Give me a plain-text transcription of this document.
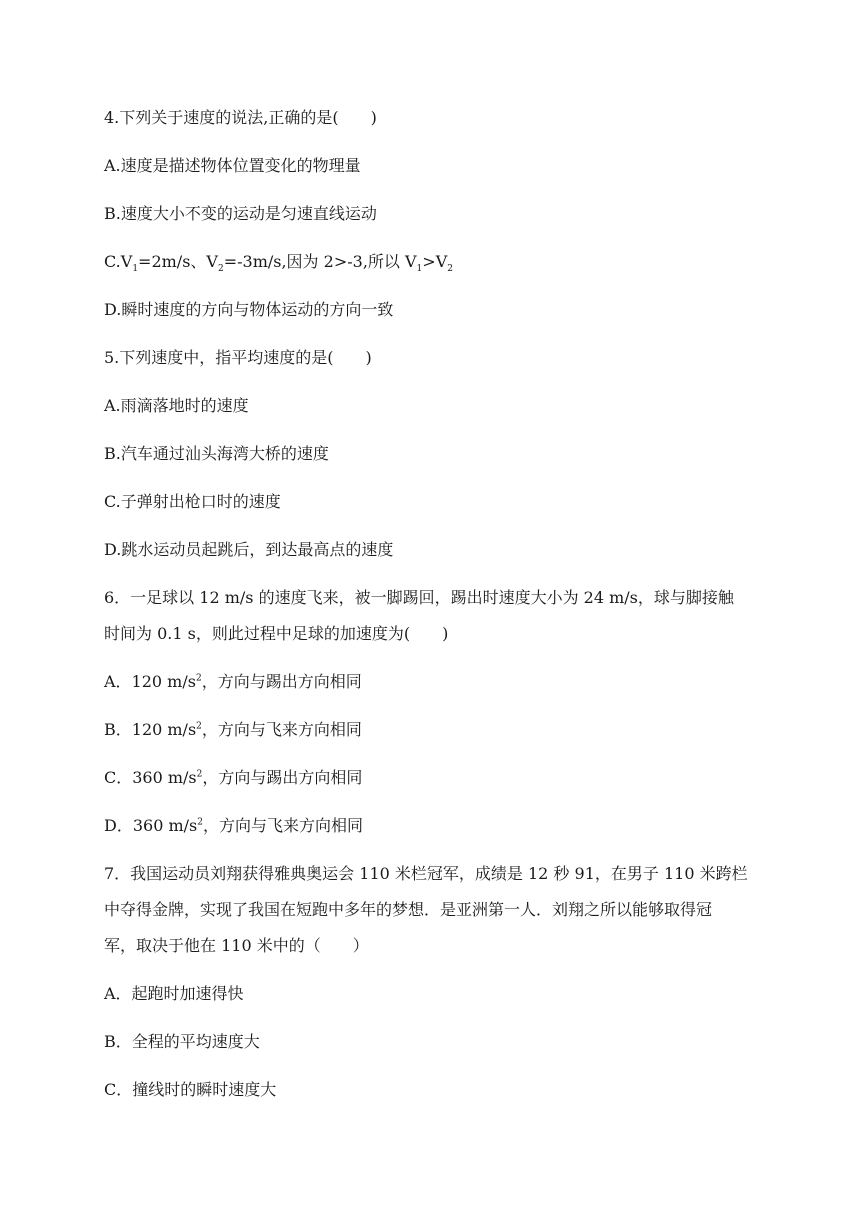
4.下列关于速度的说法,正确的是(　　)
A.速度是描述物体位置变化的物理量
B.速度大小不变的运动是匀速直线运动
$C.V_1=2m/s$、$V_2=-3m/s$,因为 2>-3,所以 $V_1>V_2$
D.瞬时速度的方向与物体运动的方向一致
5.下列速度中，指平均速度的是(　　)
A.雨滴落地时的速度
B.汽车通过汕头海湾大桥的速度
C.子弹射出枪口时的速度
D.跳水运动员起跳后，到达最高点的速度
6．一足球以 12 m/s 的速度飞来，被一脚踢回，踢出时速度大小为 24 m/s，球与脚接触
时间为 0.1 s，则此过程中足球的加速度为(　　)
A．120 $m/s^2$，方向与踢出方向相同
B．120 $m/s^2$，方向与飞来方向相同
C．360 $m/s^2$，方向与踢出方向相同
D．360 $m/s^2$，方向与飞来方向相同
7．我国运动员刘翔获得雅典奥运会 110 米栏冠军，成绩是 12 秒 91，在男子 110 米跨栏
中夺得金牌，实现了我国在短跑中多年的梦想．是亚洲第一人．刘翔之所以能够取得冠
军，取决于他在 110 米中的（　　）
A．起跑时加速得快
B．全程的平均速度大
C．撞线时的瞬时速度大
